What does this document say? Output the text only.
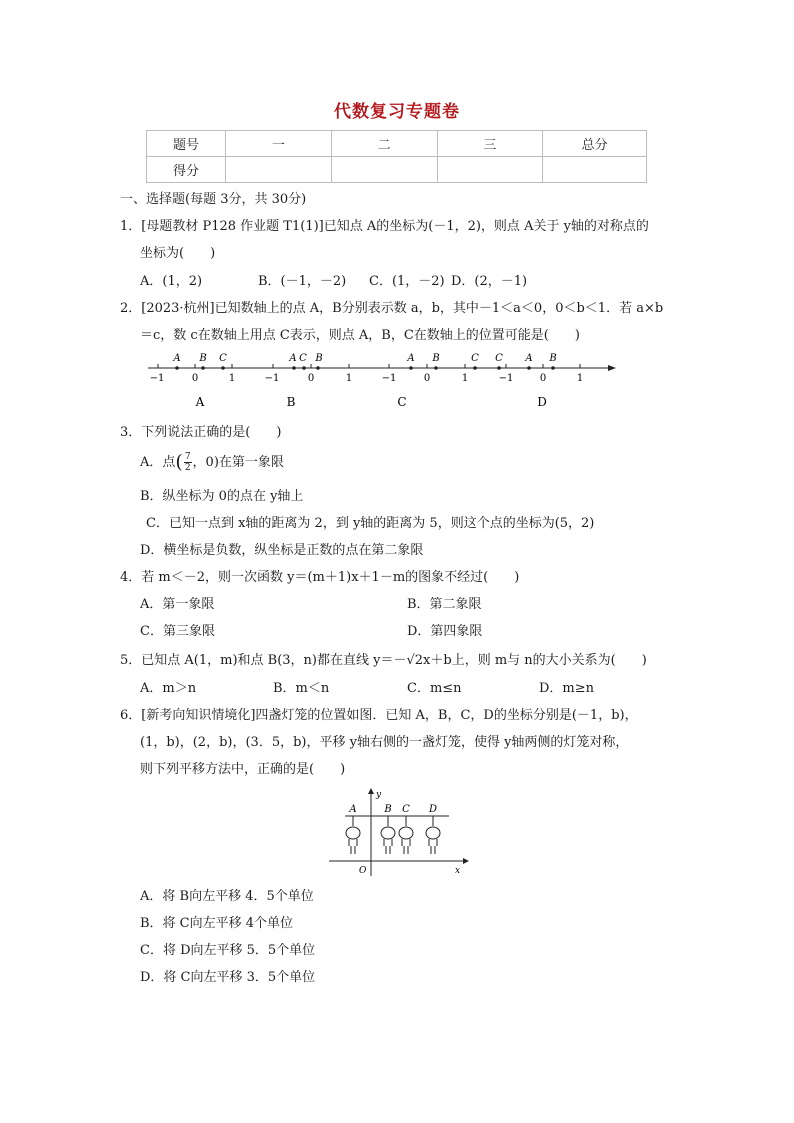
代数复习专题卷
题号	一	二	三	总分
得分				
一、选择题(每题 3分，共 30分)
1．[母题教材 P128 作业题 T1(1)]已知点 A的坐标为(－1，2)，则点 A关于 y轴的对称点的
坐标为(　　)
A．(1，2)	B．(－1，－2) C．(1，－2) D．(2，－1)
2．[2023·杭州]已知数轴上的点 A，B分别表示数 a，b，其中－1＜a＜0，0＜b＜1．若 a×b
＝c，数 c在数轴上用点 C表示，则点 A，B，C在数轴上的位置可能是(　　)
A B C
−1	0	1
A
A C B
−1	0	1
B
A B	C
−1	0	1
C
C A B
−1	0	1
D
3．下列说法正确的是(　　)
A．点( $\frac{7}{2}$ ，0)在第一象限
B．纵坐标为 0的点在 y轴上
C．已知一点到 x轴的距离为 2，到 y轴的距离为 5，则这个点的坐标为(5，2)
D．横坐标是负数，纵坐标是正数的点在第二象限
4．若 m＜－2，则一次函数 y＝(m＋1)x＋1－m的图象不经过(　　)
A．第一象限	B．第二象限
C．第三象限	D．第四象限
5．已知点 A(1，m)和点 B(3，n)都在直线 y＝－√2x＋b上，则 m与 n的大小关系为(　　)
A．m＞n	B．m＜n	C．m≤n	D．m≥n
6．[新考向知识情境化]四盏灯笼的位置如图．已知 A，B，C，D的坐标分别是(－1，b)，
(1，b)，(2，b)，(3．5，b)，平移 y轴右侧的一盏灯笼，使得 y轴两侧的灯笼对称，
则下列平移方法中，正确的是(　　)
y
x
O
A	B C D
A．将 B向左平移 4．5个单位
B．将 C向左平移 4个单位
C．将 D向左平移 5．5个单位
D．将 C向左平移 3．5个单位
